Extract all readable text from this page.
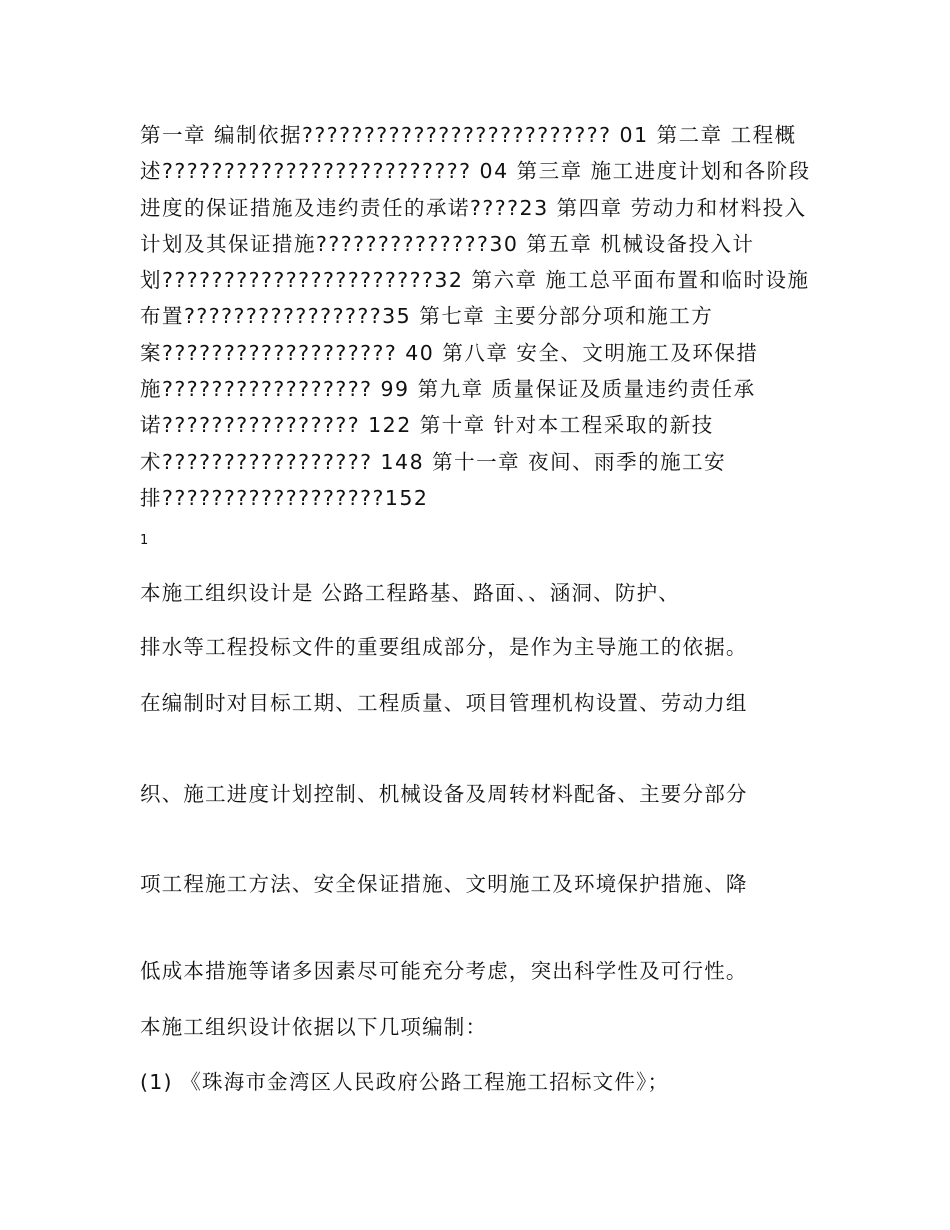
第一章 编制依据????????????????????????? 01 第二章 工程概述????????????????????????? 04 第三章 施工进度计划和各阶段进度的保证措施及违约责任的承诺????23 第四章 劳动力和材料投入计划及其保证措施??????????????30 第五章 机械设备投入计划??????????????????????32 第六章 施工总平面布置和临时设施布置????????????????35 第七章 主要分部分项和施工方案??????????????????? 40 第八章 安全、文明施工及环保措施????????????????? 99 第九章 质量保证及质量违约责任承诺???????????????? 122 第十章 针对本工程采取的新技术????????????????? 148 第十一章 夜间、雨季的施工安排??????????????????152
1
本施工组织设计是 公路工程路基、路面、、涵洞、防护、
排水等工程投标文件的重要组成部分，是作为主导施工的依据。
在编制时对目标工期、工程质量、项目管理机构设置、劳动力组
织、施工进度计划控制、机械设备及周转材料配备、主要分部分
项工程施工方法、安全保证措施、文明施工及环境保护措施、降
低成本措施等诸多因素尽可能充分考虑，突出科学性及可行性。
本施工组织设计依据以下几项编制：
(1) 《珠海市金湾区人民政府公路工程施工招标文件》；
